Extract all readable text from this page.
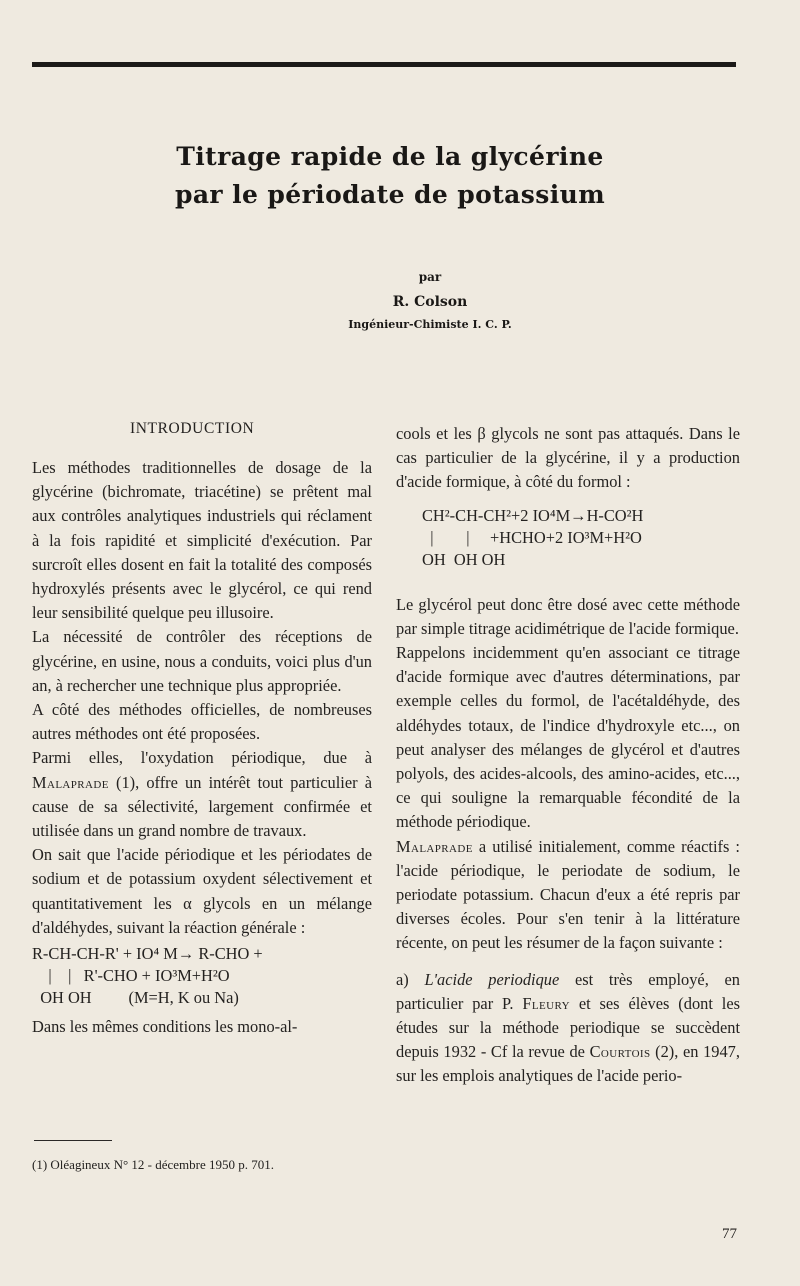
Titrage rapide de la glycérine
par le périodate de potassium
par
R. Colson
Ingénieur-Chimiste I. C. P.
INTRODUCTION

Les méthodes traditionnelles de dosage de la glycérine (bichromate, triacétine) se prêtent mal aux contrôles analytiques industriels qui réclament à la fois rapidité et simplicité d'exécution. Par surcroît elles dosent en fait la totalité des composés hydroxylés présents avec le glycérol, ce qui rend leur sensibilité quelque peu illusoire.

La nécessité de contrôler des réceptions de glycérine, en usine, nous a conduits, voici plus d'un an, à rechercher une technique plus appropriée.

A côté des méthodes officielles, de nombreuses autres méthodes ont été proposées.

Parmi elles, l'oxydation périodique, due à Malaprade (1), offre un intérêt tout particulier à cause de sa sélectivité, largement confirmée et utilisée dans un grand nombre de travaux.

On sait que l'acide périodique et les périodates de sodium et de potassium oxydent sélectivement et quantitativement les α glycols en un mélange d'aldéhydes, suivant la réaction générale :

R-CH-CH-R' + IO⁴ M→ R-CHO +
|    |   R'-CHO + IO³M+H²O
OH OH         (M=H, K ou Na)

Dans les mêmes conditions les mono-al-

(1) Oléagineux N° 12 - décembre 1950 p. 701.

cools et les β glycols ne sont pas attaqués. Dans le cas particulier de la glycérine, il y a production d'acide formique, à côté du formol :

CH²-CH-CH²+2 IO⁴M→H-CO²H
|        |     +HCHO+2 IO³M+H²O
OH  OH OH

Le glycérol peut donc être dosé avec cette méthode par simple titrage acidimétrique de l'acide formique.

Rappelons incidemment qu'en associant ce titrage d'acide formique avec d'autres déterminations, par exemple celles du formol, de l'acétaldéhyde, des aldéhydes totaux, de l'indice d'hydroxyle etc..., on peut analyser des mélanges de glycérol et d'autres polyols, des acides-alcools, des amino-acides, etc..., ce qui souligne la remarquable fécondité de la méthode périodique.

Malaprade a utilisé initialement, comme réactifs : l'acide périodique, le periodate de sodium, le periodate potassium. Chacun d'eux a été repris par diverses écoles. Pour s'en tenir à la littérature récente, on peut les résumer de la façon suivante :

a) L'acide periodique est très employé, en particulier par P. Fleury et ses élèves (dont les études sur la méthode periodique se succèdent depuis 1932 - Cf la revue de Courtois (2), en 1947, sur les emplois analytiques de l'acide perio-

77
